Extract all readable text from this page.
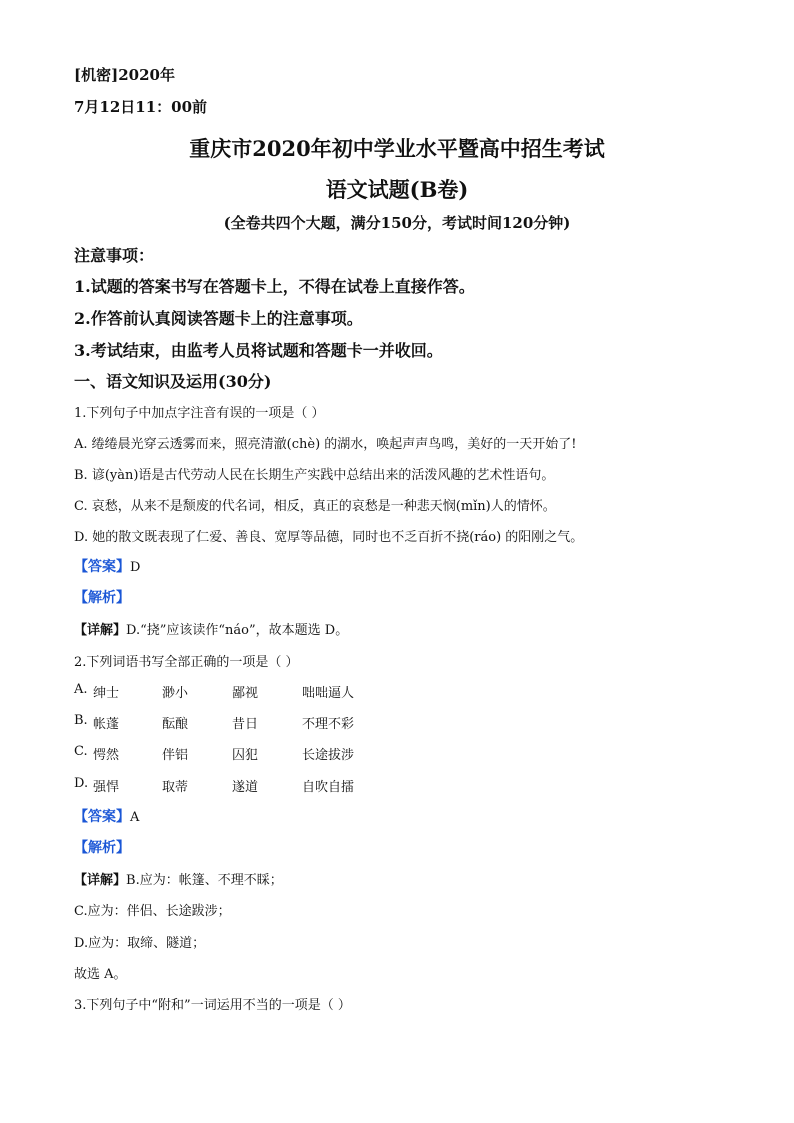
[机密]2020年
7月12日11：00前
重庆市2020年初中学业水平暨高中招生考试
语文试题(B卷)
(全卷共四个大题，满分150分，考试时间120分钟)
注意事项：
1.试题的答案书写在答题卡上，不得在试卷上直接作答。
2.作答前认真阅读答题卡上的注意事项。
3.考试结束，由监考人员将试题和答题卡一并收回。
一、语文知识及运用(30分)
1.下列句子中加点字注音有误的一项是（ ）
A. 绻绻晨光穿云透雾而来，照亮清澈(chè) 的湖水，唤起声声鸟鸣，美好的一天开始了!
B. 谚(yàn)语是古代劳动人民在长期生产实践中总结出来的活泼风趣的艺术性语句。
C. 哀愁，从来不是颓废的代名词，相反，真正的哀愁是一种悲天悯(mǐn)人的情怀。
D. 她的散文既表现了仁爱、善良、宽厚等品德，同时也不乏百折不挠(ráo) 的阳刚之气。
【答案】D
【解析】
【详解】D.“挠”应该读作“náo”，故本题选 D。
2.下列词语书写全部正确的一项是（ ）
A. 绅士	渺小	鄙视	咄咄逼人
B. 帐蓬	酝酿	昔日	不理不彩
C. 愕然	伴铝	囚犯	长途拔涉
D. 强悍	取蒂	遂道	自吹自擂
【答案】A
【解析】
【详解】B.应为：帐篷、不理不睬；
C.应为：伴侣、长途跋涉；
D.应为：取缔、隧道；
故选 A。
3.下列句子中“附和”一词运用不当的一项是（ ）
